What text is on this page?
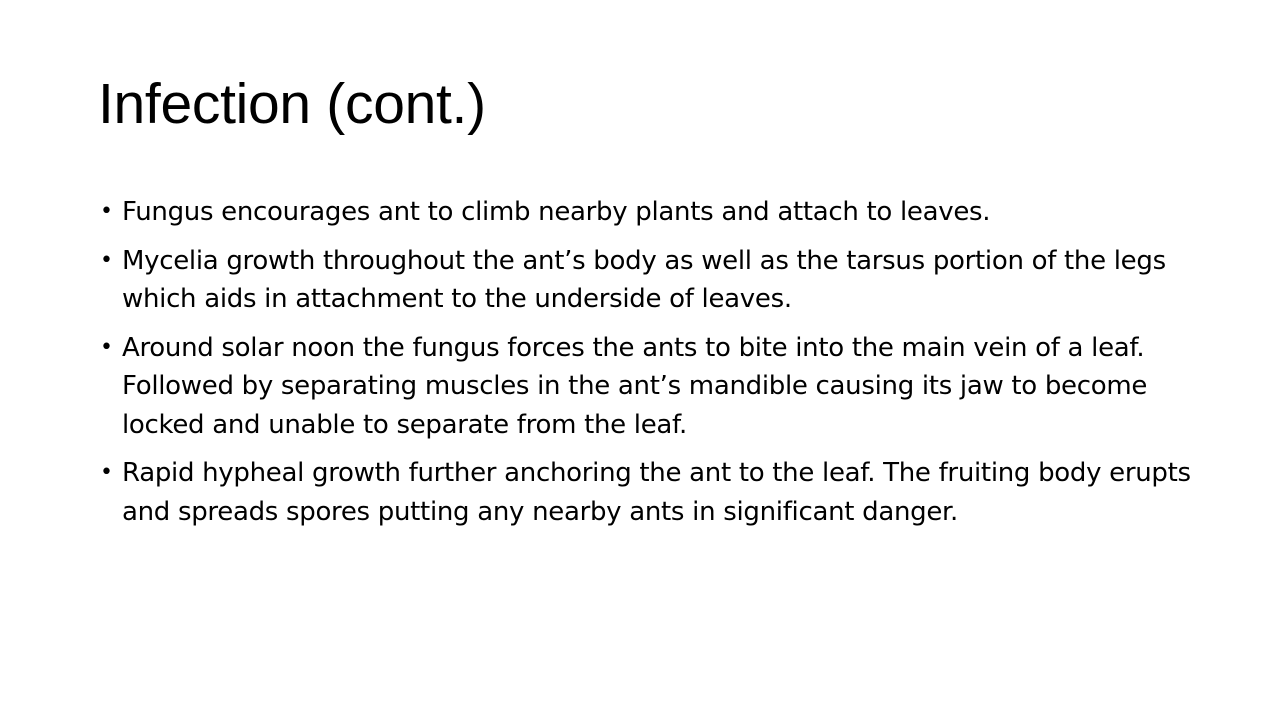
Infection (cont.)
• Fungus encourages ant to climb nearby plants and attach to leaves.
• Mycelia growth throughout the ant’s body as well as the tarsus portion of the legs which aids in attachment to the underside of leaves.
• Around solar noon the fungus forces the ants to bite into the main vein of a leaf. Followed by separating muscles in the ant’s mandible causing its jaw to become locked and unable to separate from the leaf.
• Rapid hypheal growth further anchoring the ant to the leaf. The fruiting body erupts and spreads spores putting any nearby ants in significant danger.
